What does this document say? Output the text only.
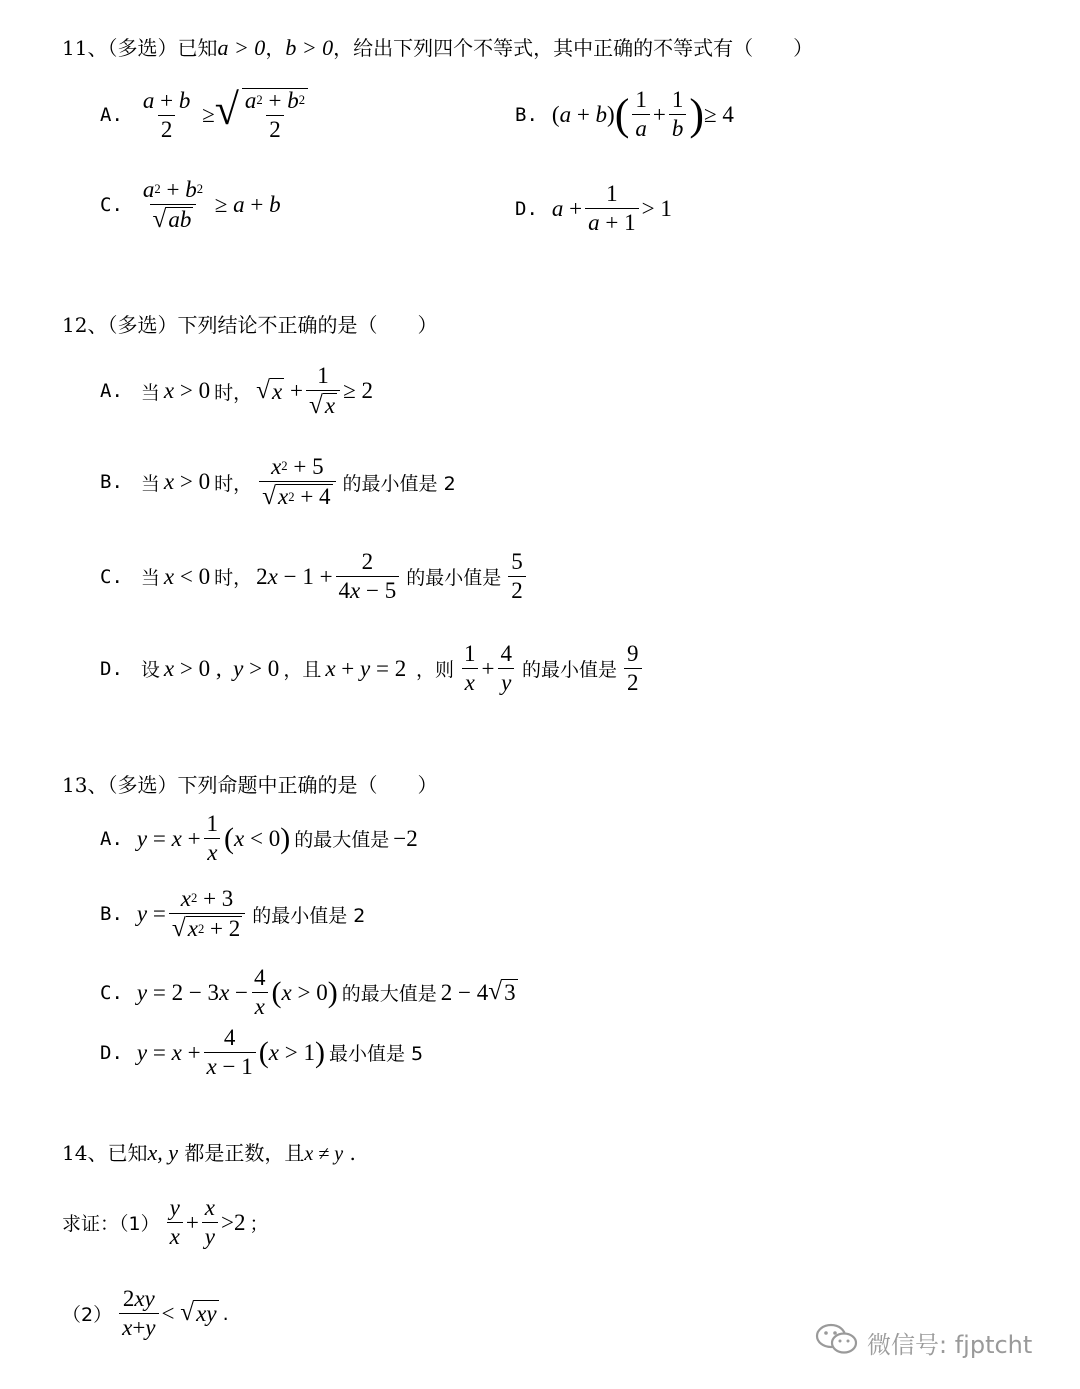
11、（多选）已知 a > 0 ， b > 0 ，给出下列四个不等式，其中正确的不等式有（　　）
A. $\frac{a + b}{2}$ ≥ √ $\frac{a 2 + b 2}{2}$	B. ( a + b ) ( $\frac{1}{a} + \frac{1}{b}$ ) ≥ 4
C. $\frac{a 2 + b 2}{√ ab} \ge a + b$	D. $a + \frac{1}{a + 1} > 1$
12、（多选）下列结论不正确的是（　　）
A. 当 x > 0 时， √ $x + \frac{1}{√ x} \ge 2$
B. 当 x > 0 时， $\frac{x 2 + 5}{√ x 2 + 4}$ 的最小值是 2
C. 当 x < 0 时， 2 $x - 1 + \frac{2}{4 x - 5}$ 的最小值是 $\frac{5}{2}$
D. 设 x > 0 , y > 0 ，且 x + y = 2 ，则 $\frac{1}{x} + \frac{4}{y}$ 的最小值是 $\frac{9}{2}$
13、（多选）下列命题中正确的是（　　）
A. $y = x + \frac{1}{x}$ ( x < 0 ) 的最大值是 −2
B. $y = \frac{x 2 + 3}{√ x 2 + 2}$ 的最小值是 2
C. y = 2 − 3 $x - \frac{4}{x}$ ( x > 0 ) 的最大值是 2 − 4 √ 3
D. $y = x + \frac{4}{x - 1}$ ( x > 1 ) 最小值是 5
14、已知 x, y 都是正数，且 x ≠ y .
求证：$(1) \frac{y}{x} + \frac{x}{y} >2$ ；
$(2) \frac{2 xy}{x + y}$ < √ xy .
微信号: fjptcht
